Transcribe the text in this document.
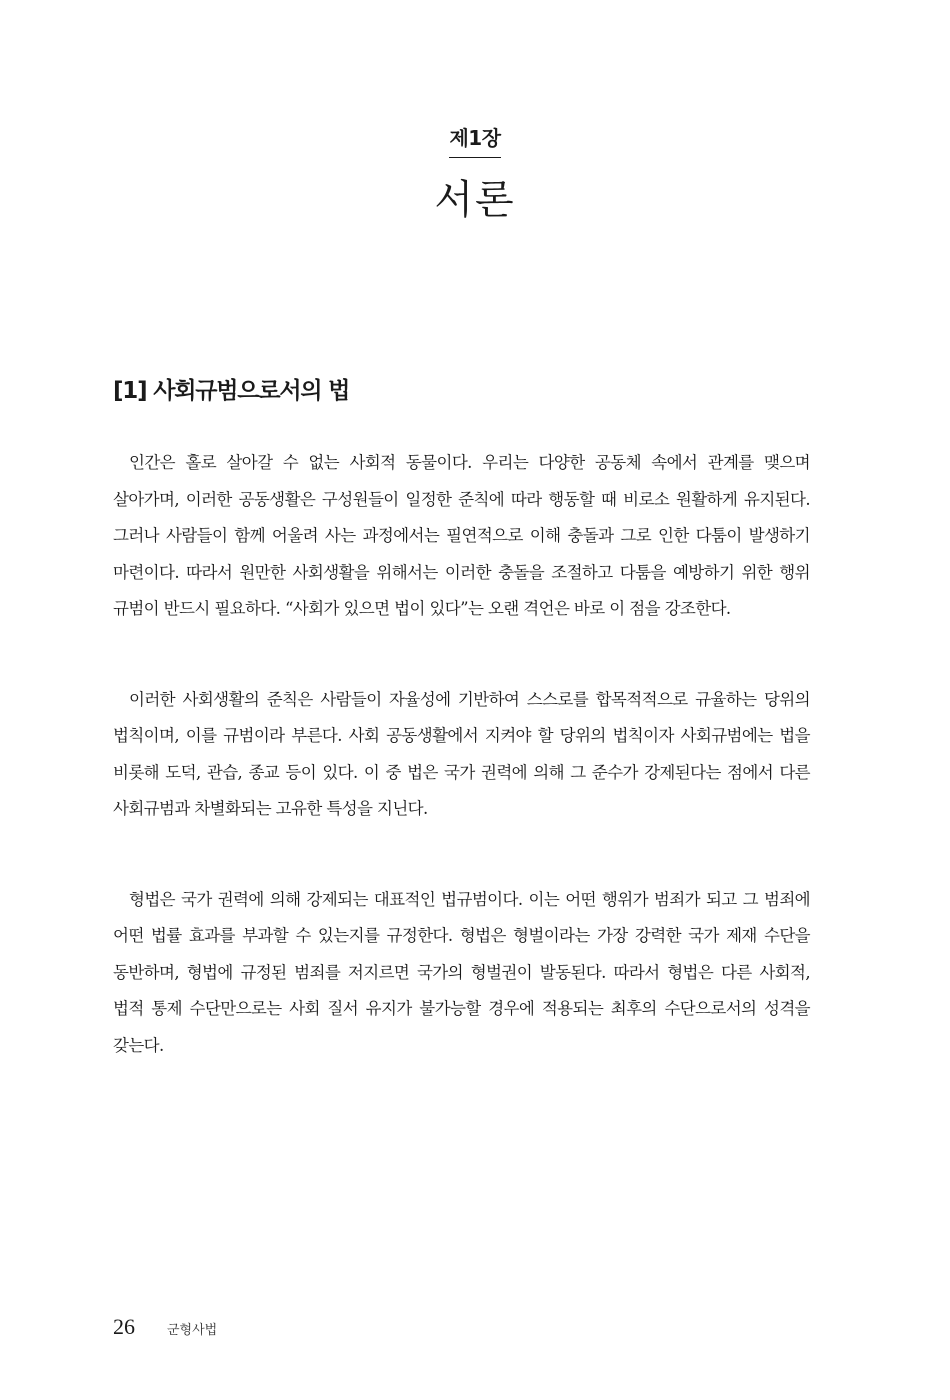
제1장
서론
[1] 사회규범으로서의 법

인간은 홀로 살아갈 수 없는 사회적 동물이다. 우리는 다양한 공동체 속에서 관계를 맺으며 살아가며, 이러한 공동생활은 구성원들이 일정한 준칙에 따라 행동할 때 비로소 원활하게 유지된다. 그러나 사람들이 함께 어울려 사는 과정에서는 필연적으로 이해 충돌과 그로 인한 다툼이 발생하기 마련이다. 따라서 원만한 사회생활을 위해서는 이러한 충돌을 조절하고 다툼을 예방하기 위한 행위 규범이 반드시 필요하다. “사회가 있으면 법이 있다”는 오랜 격언은 바로 이 점을 강조한다.

이러한 사회생활의 준칙은 사람들이 자율성에 기반하여 스스로를 합목적적으로 규율하는 당위의 법칙이며, 이를 규범이라 부른다. 사회 공동생활에서 지켜야 할 당위의 법칙이자 사회규범에는 법을 비롯해 도덕, 관습, 종교 등이 있다. 이 중 법은 국가 권력에 의해 그 준수가 강제된다는 점에서 다른 사회규범과 차별화되는 고유한 특성을 지닌다.

형법은 국가 권력에 의해 강제되는 대표적인 법규범이다. 이는 어떤 행위가 범죄가 되고 그 범죄에 어떤 법률 효과를 부과할 수 있는지를 규정한다. 형법은 형벌이라는 가장 강력한 국가 제재 수단을 동반하며, 형법에 규정된 범죄를 저지르면 국가의 형벌권이 발동된다. 따라서 형법은 다른 사회적, 법적 통제 수단만으로는 사회 질서 유지가 불가능할 경우에 적용되는 최후의 수단으로서의 성격을 갖는다.

26 군형사법
